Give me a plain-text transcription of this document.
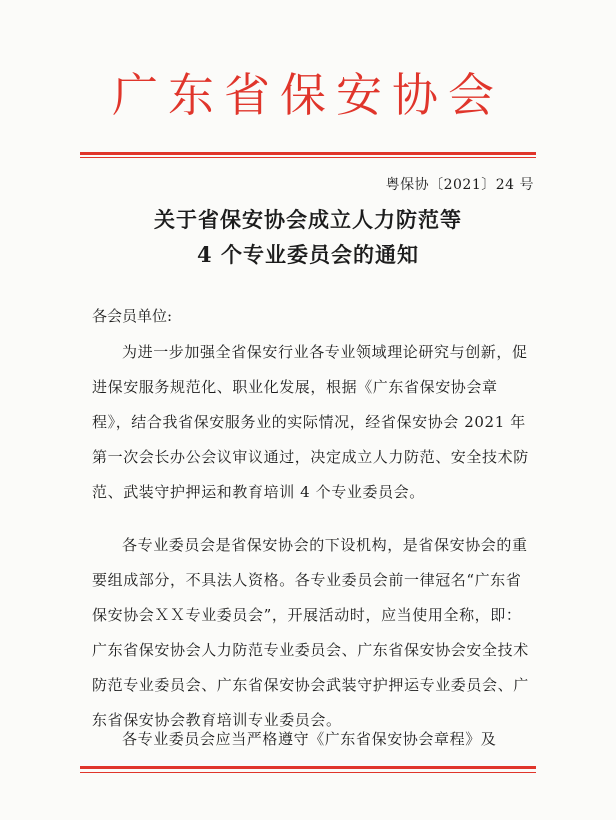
广东省保安协会
粤保协〔2021〕24 号
关于省保安协会成立人力防范等
4 个专业委员会的通知
各会员单位:
为进一步加强全省保安行业各专业领域理论研究与创新，促进保安服务规范化、职业化发展，根据《广东省保安协会章程》，结合我省保安服务业的实际情况，经省保安协会 2021 年第一次会长办公会议审议通过，决定成立人力防范、安全技术防范、武装守护押运和教育培训 4 个专业委员会。
各专业委员会是省保安协会的下设机构，是省保安协会的重要组成部分，不具法人资格。各专业委员会前一律冠名“广东省保安协会ＸＸ专业委员会”，开展活动时，应当使用全称，即：广东省保安协会人力防范专业委员会、广东省保安协会安全技术防范专业委员会、广东省保安协会武装守护押运专业委员会、广东省保安协会教育培训专业委员会。
各专业委员会应当严格遵守《广东省保安协会章程》及
